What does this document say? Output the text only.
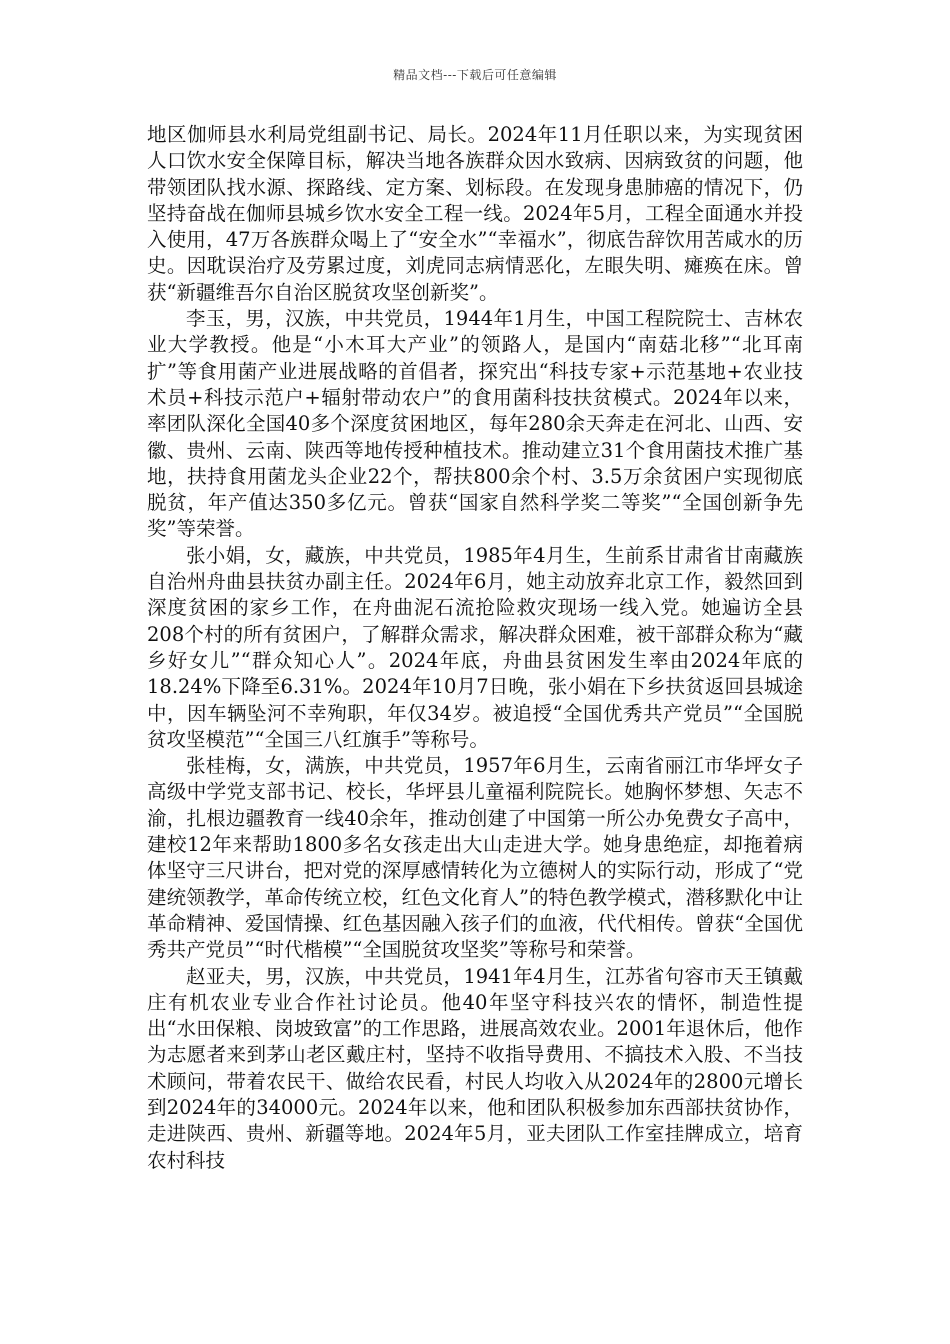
精品文档---下载后可任意编辑

地区伽师县水利局党组副书记、局长。2024年11月任职以来，为实现贫困人口饮水安全保障目标，解决当地各族群众因水致病、因病致贫的问题，他带领团队找水源、探路线、定方案、划标段。在发现身患肺癌的情况下，仍坚持奋战在伽师县城乡饮水安全工程一线。2024年5月，工程全面通水并投入使用，47万各族群众喝上了“安全水”“幸福水”，彻底告辞饮用苦咸水的历史。因耽误治疗及劳累过度，刘虎同志病情恶化，左眼失明、瘫痪在床。曾获“新疆维吾尔自治区脱贫攻坚创新奖”。

李玉，男，汉族，中共党员，1944年1月生，中国工程院院士、吉林农业大学教授。他是“小木耳大产业”的领路人，是国内“南菇北移”“北耳南扩”等食用菌产业进展战略的首倡者，探究出“科技专家+示范基地+农业技术员+科技示范户+辐射带动农户”的食用菌科技扶贫模式。2024年以来，率团队深化全国40多个深度贫困地区，每年280余天奔走在河北、山西、安徽、贵州、云南、陕西等地传授种植技术。推动建立31个食用菌技术推广基地，扶持食用菌龙头企业22个，帮扶800余个村、3.5万余贫困户实现彻底脱贫，年产值达350多亿元。曾获“国家自然科学奖二等奖”“全国创新争先奖”等荣誉。

张小娟，女，藏族，中共党员，1985年4月生，生前系甘肃省甘南藏族自治州舟曲县扶贫办副主任。2024年6月，她主动放弃北京工作，毅然回到深度贫困的家乡工作，在舟曲泥石流抢险救灾现场一线入党。她遍访全县208个村的所有贫困户，了解群众需求，解决群众困难，被干部群众称为“藏乡好女儿”“群众知心人”。2024年底，舟曲县贫困发生率由2024年底的18.24%下降至6.31%。2024年10月7日晚，张小娟在下乡扶贫返回县城途中，因车辆坠河不幸殉职，年仅34岁。被追授“全国优秀共产党员”“全国脱贫攻坚模范”“全国三八红旗手”等称号。

张桂梅，女，满族，中共党员，1957年6月生，云南省丽江市华坪女子高级中学党支部书记、校长，华坪县儿童福利院院长。她胸怀梦想、矢志不渝，扎根边疆教育一线40余年，推动创建了中国第一所公办免费女子高中，建校12年来帮助1800多名女孩走出大山走进大学。她身患绝症，却拖着病体坚守三尺讲台，把对党的深厚感情转化为立德树人的实际行动，形成了“党建统领教学，革命传统立校，红色文化育人”的特色教学模式，潜移默化中让革命精神、爱国情操、红色基因融入孩子们的血液，代代相传。曾获“全国优秀共产党员”“时代楷模”“全国脱贫攻坚奖”等称号和荣誉。

赵亚夫，男，汉族，中共党员，1941年4月生，江苏省句容市天王镇戴庄有机农业专业合作社讨论员。他40年坚守科技兴农的情怀，制造性提出“水田保粮、岗坡致富”的工作思路，进展高效农业。2001年退休后，他作为志愿者来到茅山老区戴庄村，坚持不收指导费用、不搞技术入股、不当技术顾问，带着农民干、做给农民看，村民人均收入从2024年的2800元增长到2024年的34000元。2024年以来，他和团队积极参加东西部扶贫协作，走进陕西、贵州、新疆等地。2024年5月，亚夫团队工作室挂牌成立，培育农村科技
